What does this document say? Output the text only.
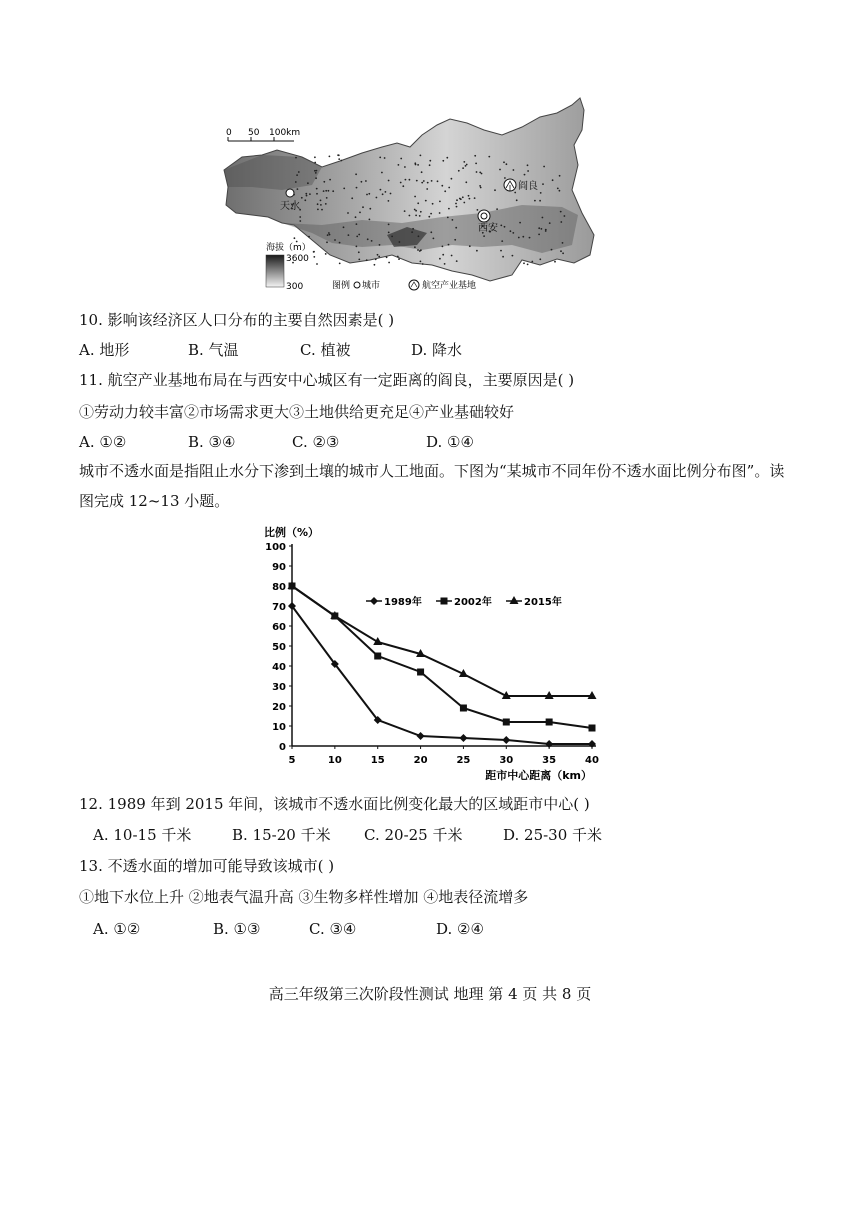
0 50 100km
天水
阎良
西安
海拔（m）
3600
300	图例 城市	航空产业基地
10. 影响该经济区人口分布的主要自然因素是( )
A. 地形	B. 气温	C. 植被	D. 降水
11. 航空产业基地布局在与西安中心城区有一定距离的阎良，主要原因是( )
①劳动力较丰富②市场需求更大③土地供给更充足④产业基础较好
A. ①②	B. ③④	C. ②③	D. ①④
城市不透水面是指阻止水分下渗到土壤的城市人工地面。下图为“某城市不同年份不透水面比例分布图”。读图完成 12~13 小题。
比例（%）
0
10
20
30
40
50
60
70
80
90
100
5	10	15	20	25	30	35	40
距市中心距离（km）
1989年	2002年	2015年
12. 1989 年到 2015 年间，该城市不透水面比例变化最大的区域距市中心( )
A. 10-15 千米	B. 15-20 千米 C. 20-25 千米	D. 25-30 千米
13. 不透水面的增加可能导致该城市( )
①地下水位上升 ②地表气温升高 ③生物多样性增加 ④地表径流增多
A. ①②	B. ①③	C. ③④	D. ②④
高三年级第三次阶段性测试 地理 第 4 页 共 8 页
